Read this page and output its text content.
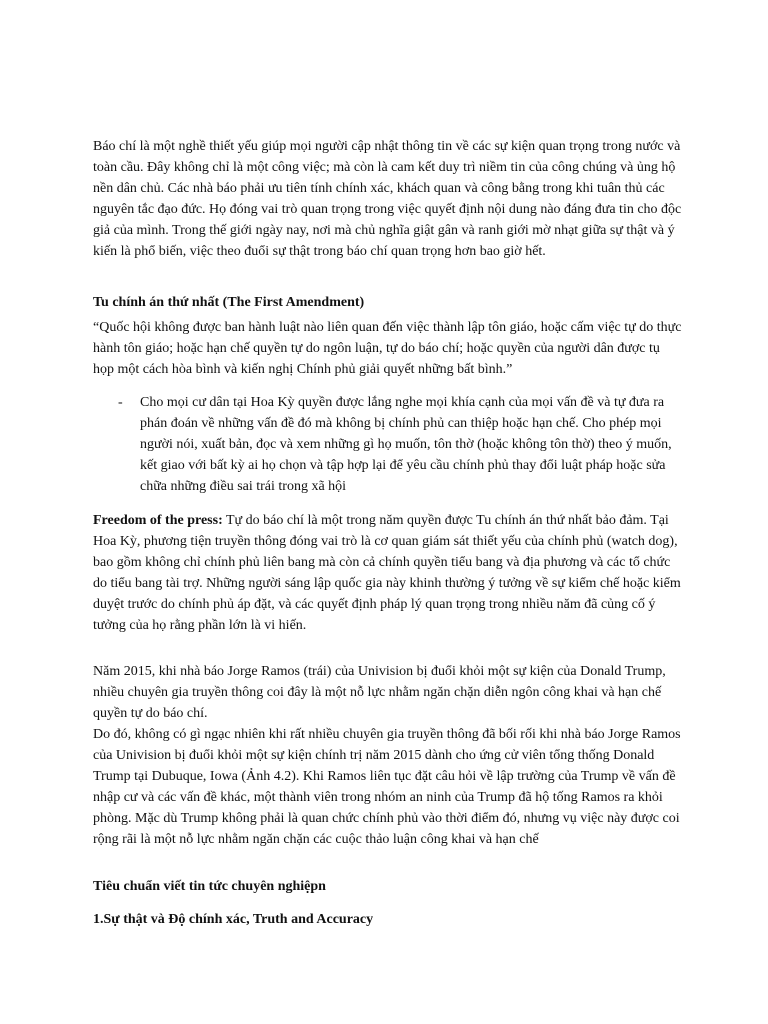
Báo chí là một nghề thiết yếu giúp mọi người cập nhật thông tin về các sự kiện quan trọng trong nước và toàn cầu. Đây không chỉ là một công việc; mà còn là cam kết duy trì niềm tin của công chúng và ủng hộ nền dân chủ. Các nhà báo phải ưu tiên tính chính xác, khách quan và công bằng trong khi tuân thủ các nguyên tắc đạo đức. Họ đóng vai trò quan trọng trong việc quyết định nội dung nào đáng đưa tin cho độc giả của mình. Trong thế giới ngày nay, nơi mà chủ nghĩa giật gân và ranh giới mờ nhạt giữa sự thật và ý kiến là phổ biến, việc theo đuổi sự thật trong báo chí quan trọng hơn bao giờ hết.

Tu chính án thứ nhất (The First Amendment)

“Quốc hội không được ban hành luật nào liên quan đến việc thành lập tôn giáo, hoặc cấm việc tự do thực hành tôn giáo; hoặc hạn chế quyền tự do ngôn luận, tự do báo chí; hoặc quyền của người dân được tụ họp một cách hòa bình và kiến nghị Chính phủ giải quyết những bất bình.”

-	Cho mọi cư dân tại Hoa Kỳ quyền được lắng nghe mọi khía cạnh của mọi vấn đề và tự đưa ra phán đoán về những vấn đề đó mà không bị chính phủ can thiệp hoặc hạn chế. Cho phép mọi người nói, xuất bản, đọc và xem những gì họ muốn, tôn thờ (hoặc không tôn thờ) theo ý muốn, kết giao với bất kỳ ai họ chọn và tập hợp lại để yêu cầu chính phủ thay đổi luật pháp hoặc sửa chữa những điều sai trái trong xã hội

Freedom of the press: Tự do báo chí là một trong năm quyền được Tu chính án thứ nhất bảo đảm. Tại Hoa Kỳ, phương tiện truyền thông đóng vai trò là cơ quan giám sát thiết yếu của chính phủ (watch dog), bao gồm không chỉ chính phủ liên bang mà còn cả chính quyền tiểu bang và địa phương và các tổ chức do tiểu bang tài trợ. Những người sáng lập quốc gia này khinh thường ý tưởng về sự kiểm chế hoặc kiểm duyệt trước do chính phủ áp đặt, và các quyết định pháp lý quan trọng trong nhiều năm đã củng cố ý tưởng của họ rằng phần lớn là vi hiến.

Năm 2015, khi nhà báo Jorge Ramos (trái) của Univision bị đuổi khỏi một sự kiện của Donald Trump, nhiều chuyên gia truyền thông coi đây là một nỗ lực nhằm ngăn chặn diễn ngôn công khai và hạn chế quyền tự do báo chí.

Do đó, không có gì ngạc nhiên khi rất nhiều chuyên gia truyền thông đã bối rối khi nhà báo Jorge Ramos của Univision bị đuổi khỏi một sự kiện chính trị năm 2015 dành cho ứng cử viên tổng thống Donald Trump tại Dubuque, Iowa (Ảnh 4.2). Khi Ramos liên tục đặt câu hỏi về lập trường của Trump về vấn đề nhập cư và các vấn đề khác, một thành viên trong nhóm an ninh của Trump đã hộ tống Ramos ra khỏi phòng. Mặc dù Trump không phải là quan chức chính phủ vào thời điểm đó, nhưng vụ việc này được coi rộng rãi là một nỗ lực nhằm ngăn chặn các cuộc thảo luận công khai và hạn chế

Tiêu chuẩn viết tin tức chuyên nghiệpn

1.Sự thật và Độ chính xác, Truth and Accuracy
